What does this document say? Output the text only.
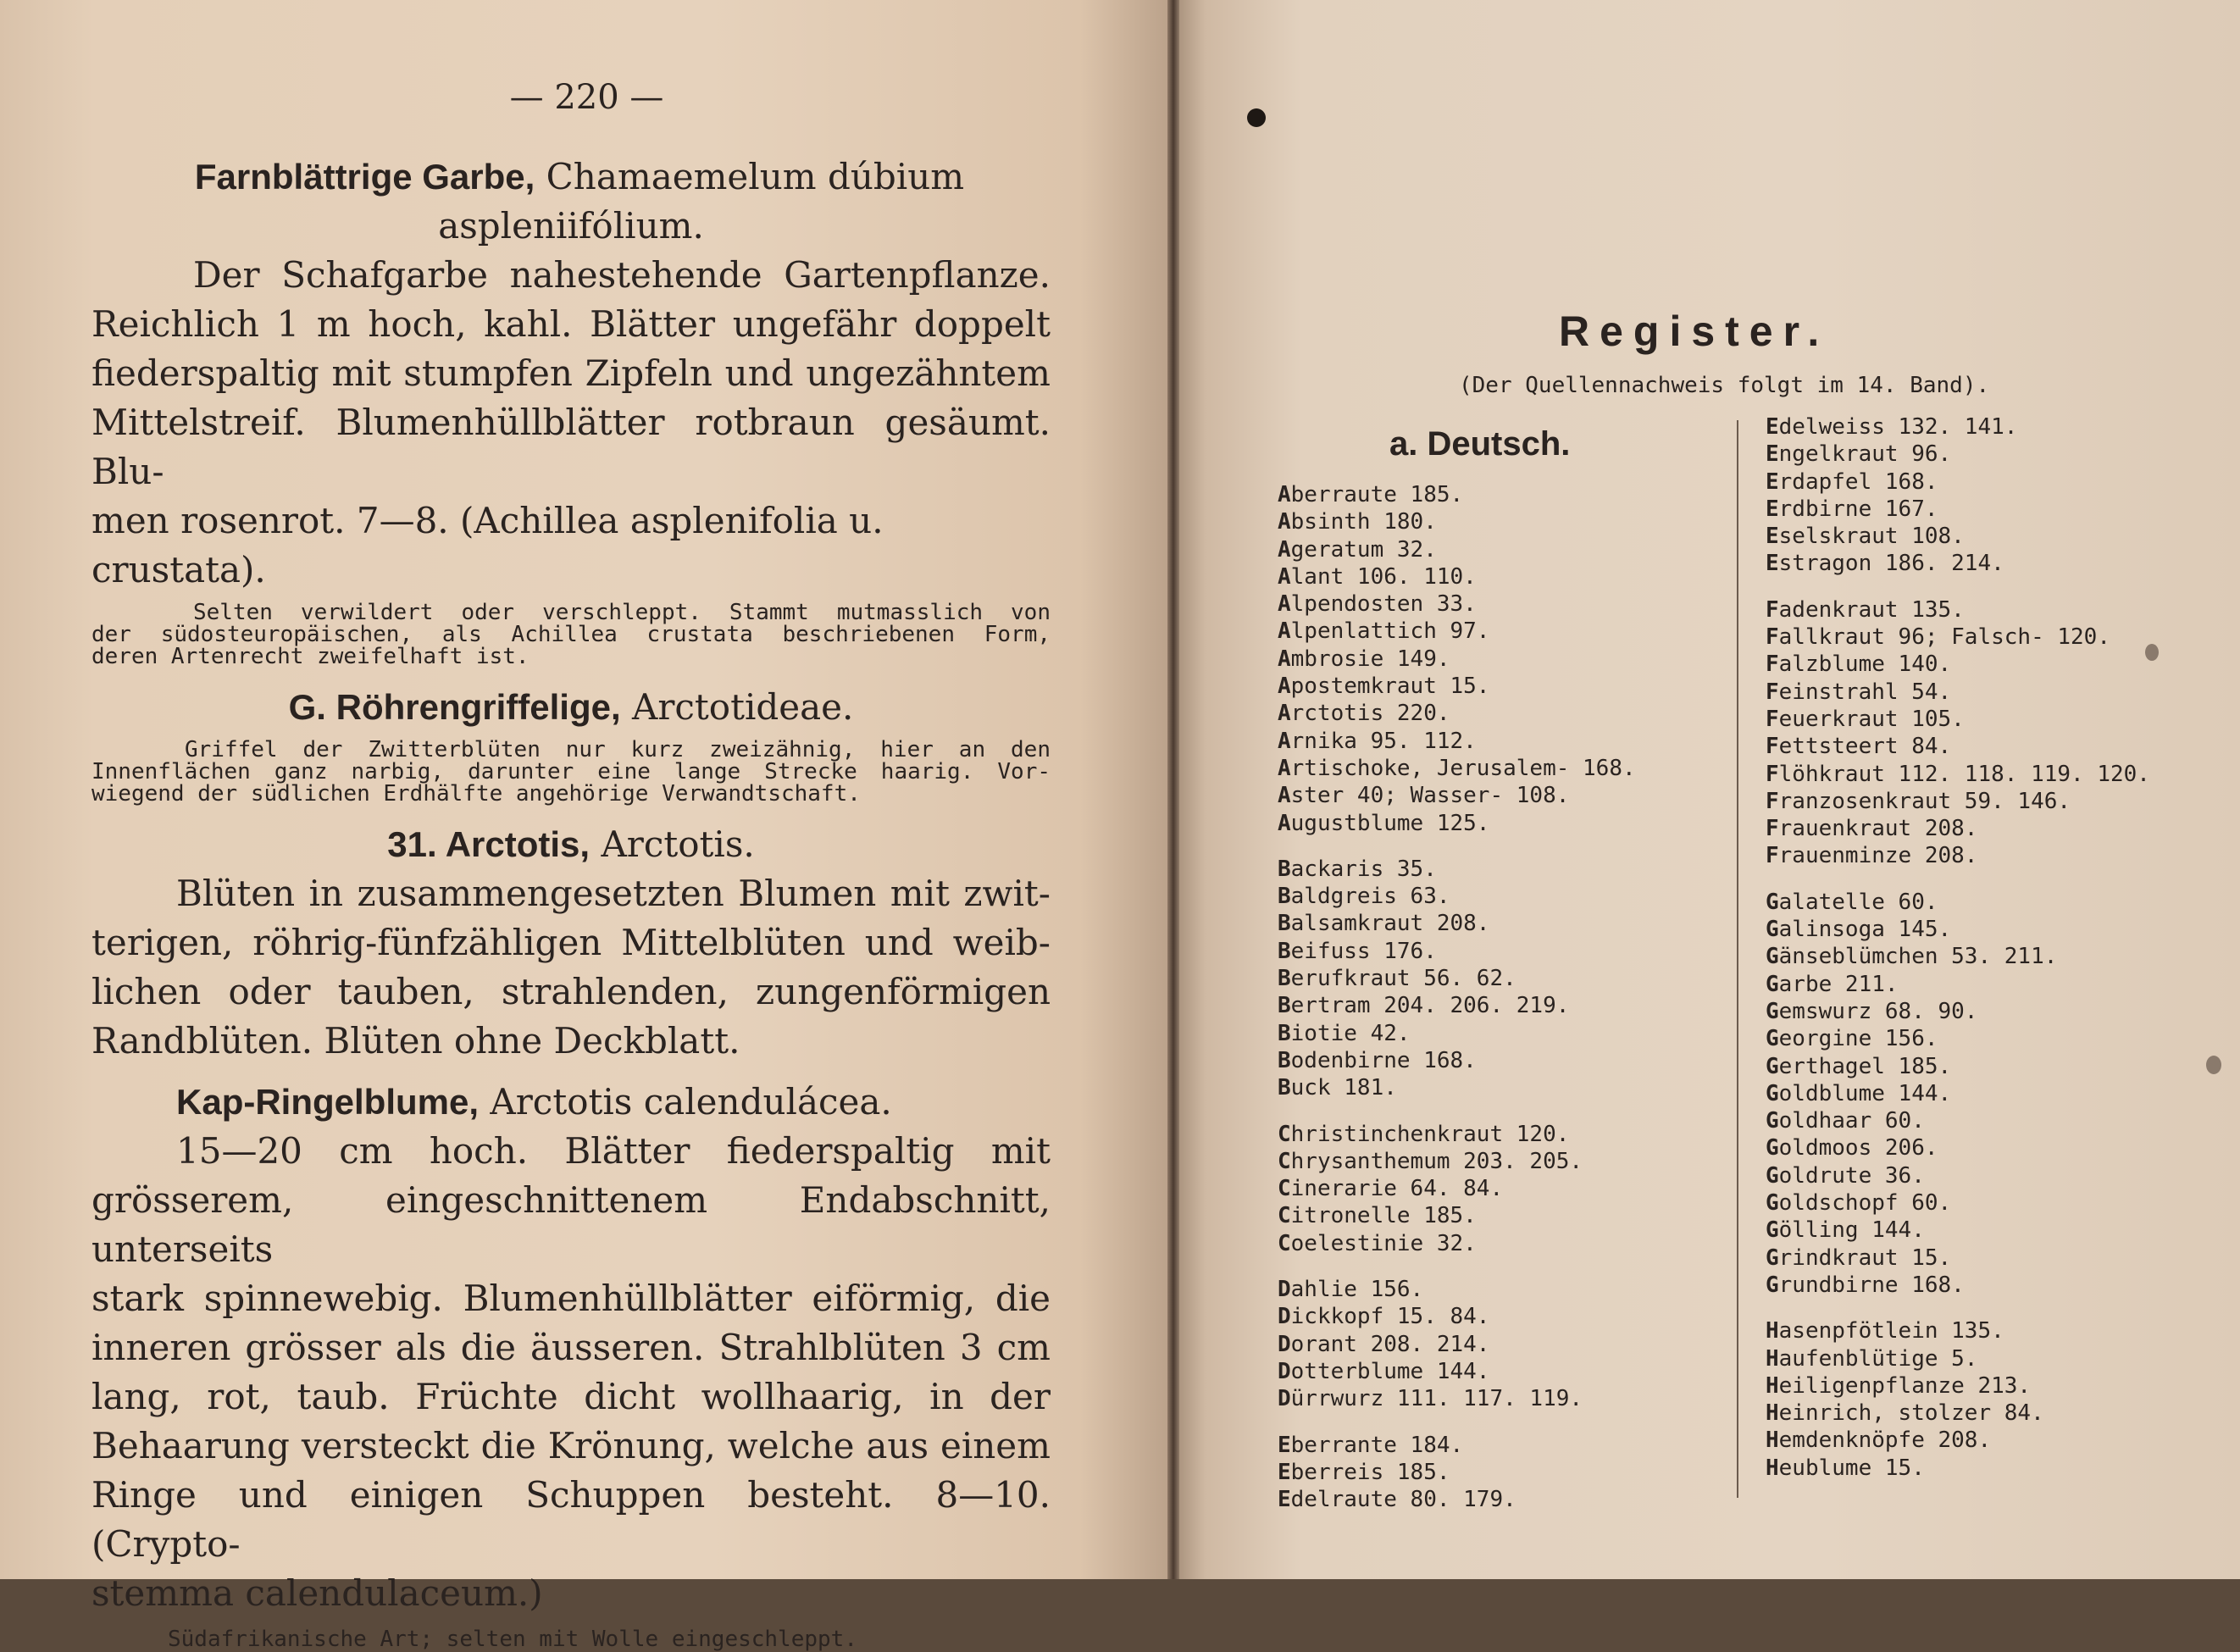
— 220 —
Farnblättrige Garbe, Chamaemelum dúbium
aspleniifólium.
Der Schafgarbe nahestehende Gartenpflanze.
Reichlich 1 m hoch, kahl. Blätter ungefähr doppelt
fiederspaltig mit stumpfen Zipfeln und ungezähntem
Mittelstreif. Blumenhüllblätter rotbraun gesäumt. Blu-
men rosenrot. 7—8. (Achillea asplenifolia u. crustata).
Selten verwildert oder verschleppt. Stammt mutmasslich von
der südosteuropäischen, als Achillea crustata beschriebenen Form,
deren Artenrecht zweifelhaft ist.
G. Röhrengriffelige, Arctotideae.
Griffel der Zwitterblüten nur kurz zweizähnig, hier an den
Innenflächen ganz narbig, darunter eine lange Strecke haarig. Vor-
wiegend der südlichen Erdhälfte angehörige Verwandtschaft.
31. Arctotis, Arctotis.
Blüten in zusammengesetzten Blumen mit zwit-
terigen, röhrig-fünfzähligen Mittelblüten und weib-
lichen oder tauben, strahlenden, zungenförmigen
Randblüten. Blüten ohne Deckblatt.
Kap-Ringelblume, Arctotis calendulácea.
15—20 cm hoch. Blätter fiederspaltig mit
grösserem, eingeschnittenem Endabschnitt, unterseits
stark spinnewebig. Blumenhüllblätter eiförmig, die
inneren grösser als die äusseren. Strahlblüten 3 cm
lang, rot, taub. Früchte dicht wollhaarig, in der
Behaarung versteckt die Krönung, welche aus einem
Ringe und einigen Schuppen besteht. 8—10. (Crypto-
stemma calendulaceum.)
Südafrikanische Art; selten mit Wolle eingeschleppt.
Register.
(Der Quellennachweis folgt im 14. Band).
a. Deutsch.
Aberraute 185.
Absinth 180.
Ageratum 32.
Alant 106. 110.
Alpendosten 33.
Alpenlattich 97.
Ambrosie 149.
Apostemkraut 15.
Arctotis 220.
Arnika 95. 112.
Artischoke, Jerusalem- 168.
Aster 40; Wasser- 108.
Augustblume 125.
Backaris 35.
Baldgreis 63.
Balsamkraut 208.
Beifuss 176.
Berufkraut 56. 62.
Bertram 204. 206. 219.
Biotie 42.
Bodenbirne 168.
Buck 181.
Christinchenkraut 120.
Chrysanthemum 203. 205.
Cinerarie 64. 84.
Citronelle 185.
Coelestinie 32.
Dahlie 156.
Dickkopf 15. 84.
Dorant 208. 214.
Dotterblume 144.
Dürrwurz 111. 117. 119.
Eberrante 184.
Eberreis 185.
Edelraute 80. 179.
Edelweiss 132. 141.
Engelkraut 96.
Erdapfel 168.
Erdbirne 167.
Eselskraut 108.
Estragon 186. 214.
Fadenkraut 135.
Fallkraut 96; Falsch- 120.
Falzblume 140.
Feinstrahl 54.
Feuerkraut 105.
Fettsteert 84.
Flöhkraut 112. 118. 119. 120.
Franzosenkraut 59. 146.
Frauenkraut 208.
Frauenminze 208.
Galatelle 60.
Galinsoga 145.
Gänseblümchen 53. 211.
Garbe 211.
Gemswurz 68. 90.
Georgine 156.
Gerthagel 185.
Goldblume 144.
Goldhaar 60.
Goldmoos 206.
Goldrute 36.
Goldschopf 60.
Gölling 144.
Grindkraut 15.
Grundbirne 168.
Hasenpfötlein 135.
Haufenblütige 5.
Heiligenpflanze 213.
Heinrich, stolzer 84.
Hemdenknöpfe 208.
Heublume 15.
